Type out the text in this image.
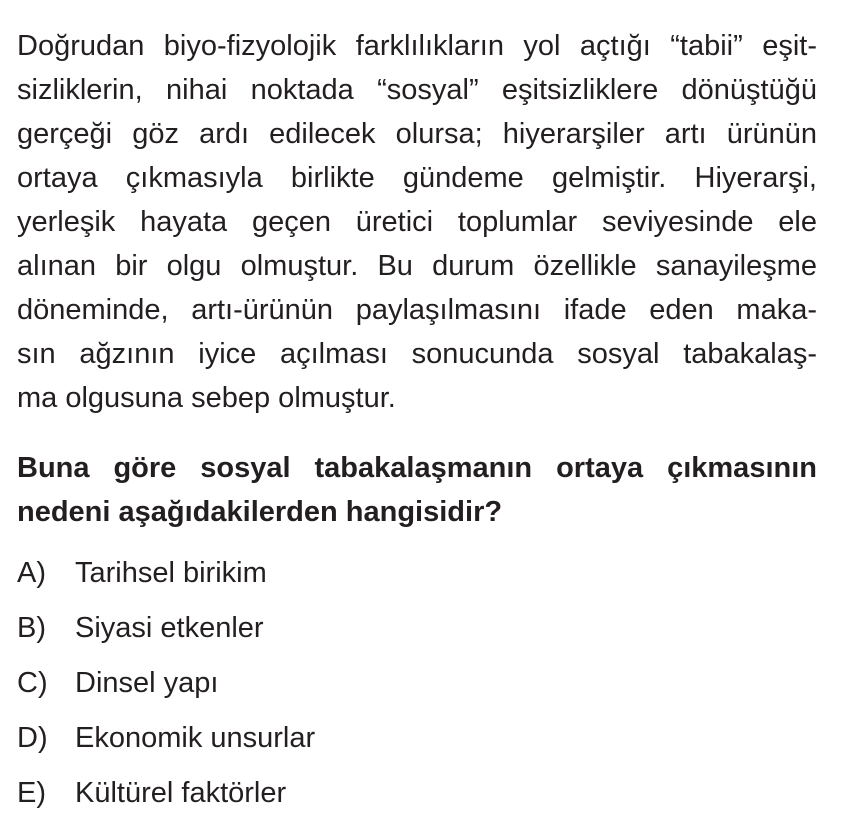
Doğrudan biyo-fizyolojik farklılıkların yol açtığı “tabii” eşit-
sizliklerin, nihai noktada “sosyal” eşitsizliklere dönüştüğü
gerçeği göz ardı edilecek olursa; hiyerarşiler artı ürünün
ortaya çıkmasıyla birlikte gündeme gelmiştir. Hiyerarşi,
yerleşik hayata geçen üretici toplumlar seviyesinde ele
alınan bir olgu olmuştur. Bu durum özellikle sanayileşme
döneminde, artı-ürünün paylaşılmasını ifade eden maka-
sın ağzının iyice açılması sonucunda sosyal tabakalaş-
ma olgusuna sebep olmuştur.
Buna göre sosyal tabakalaşmanın ortaya çıkmasının
nedeni aşağıdakilerden hangisidir?
A)	Tarihsel birikim
B)	Siyasi etkenler
C) Dinsel yapı
D) Ekonomik unsurlar
E)	Kültürel faktörler
